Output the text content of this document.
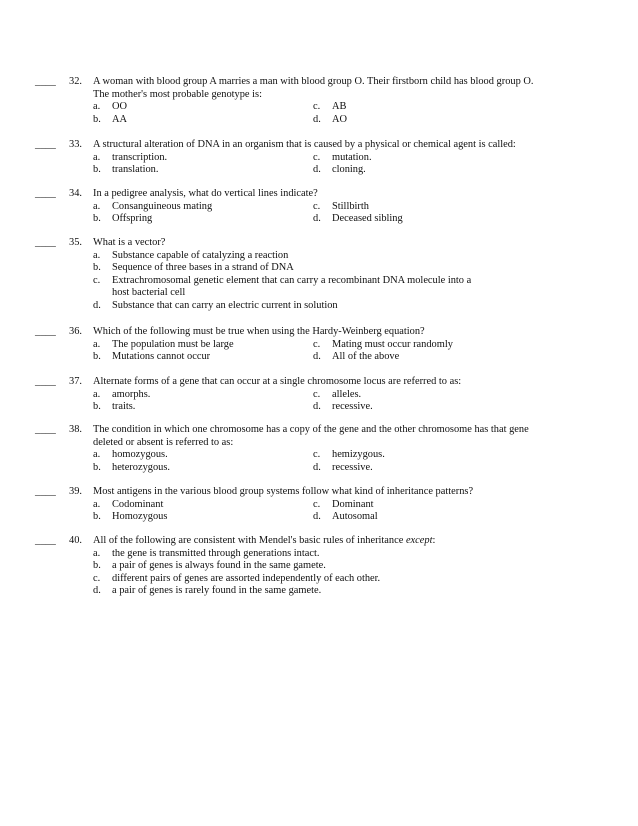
____ 32. A woman with blood group A marries a man with blood group O. Their firstborn child has blood group O.
The mother's most probable genotype is:
a. OO	c. AB
b. AA	d. AO
____ 33. A structural alteration of DNA in an organism that is caused by a physical or chemical agent is called:
a. transcription.	c. mutation.
b. translation.	d. cloning.
____ 34. In a pedigree analysis, what do vertical lines indicate?
a. Consanguineous mating	c. Stillbirth
b. Offspring	d. Deceased sibling
____ 35. What is a vector?
a.	Substance capable of catalyzing a reaction
b.	Sequence of three bases in a strand of DNA
c.	Extrachromosomal genetic element that can carry a recombinant DNA molecule into a
host bacterial cell
d.	Substance that can carry an electric current in solution
____ 36. Which of the following must be true when using the Hardy-Weinberg equation?
a. The population must be large	c. Mating must occur randomly
b. Mutations cannot occur	d. All of the above
____ 37. Alternate forms of a gene that can occur at a single chromosome locus are referred to as:
a. amorphs.	c. alleles.
b. traits.	d. recessive.
____ 38. The condition in which one chromosome has a copy of the gene and the other chromosome has that gene
deleted or absent is referred to as:
a. homozygous.	c. hemizygous.
b. heterozygous.	d. recessive.
____ 39. Most antigens in the various blood group systems follow what kind of inheritance patterns?
a. Codominant	c. Dominant
b. Homozygous	d. Autosomal
____ 40. All of the following are consistent with Mendel's basic rules of inheritance except:
a.	the gene is transmitted through generations intact.
b.	a pair of genes is always found in the same gamete.
c.	different pairs of genes are assorted independently of each other.
d.	a pair of genes is rarely found in the same gamete.
